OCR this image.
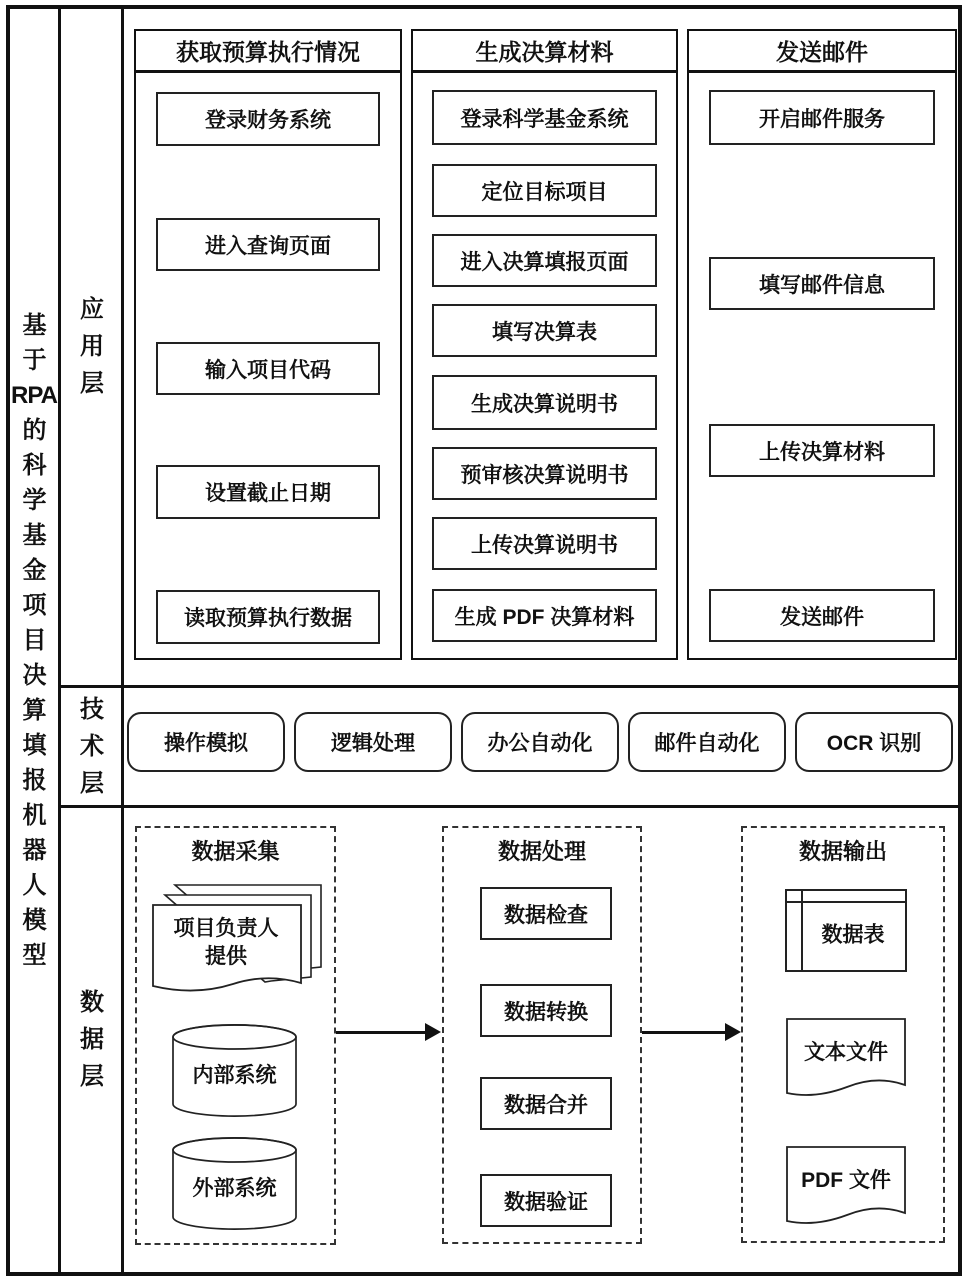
基
于
RPA
的
科
学
基
金
项
目
决
算
填
报
机
器
人
模
型
应
用
层
技
术
层
数
据
层
获取预算执行情况
登录财务系统
进入查询页面
输入项目代码
设置截止日期
读取预算执行数据
生成决算材料
登录科学基金系统
定位目标项目
进入决算填报页面
填写决算表
生成决算说明书
预审核决算说明书
上传决算说明书
生成 PDF 决算材料
发送邮件
开启邮件服务
填写邮件信息
上传决算材料
发送邮件
操作模拟	逻辑处理	办公自动化	邮件自动化	OCR 识别
数据采集
项目负责人
提供
内部系统
外部系统
数据处理
数据检查
数据转换
数据合并
数据验证
数据输出
数据表
文本文件
PDF 文件
